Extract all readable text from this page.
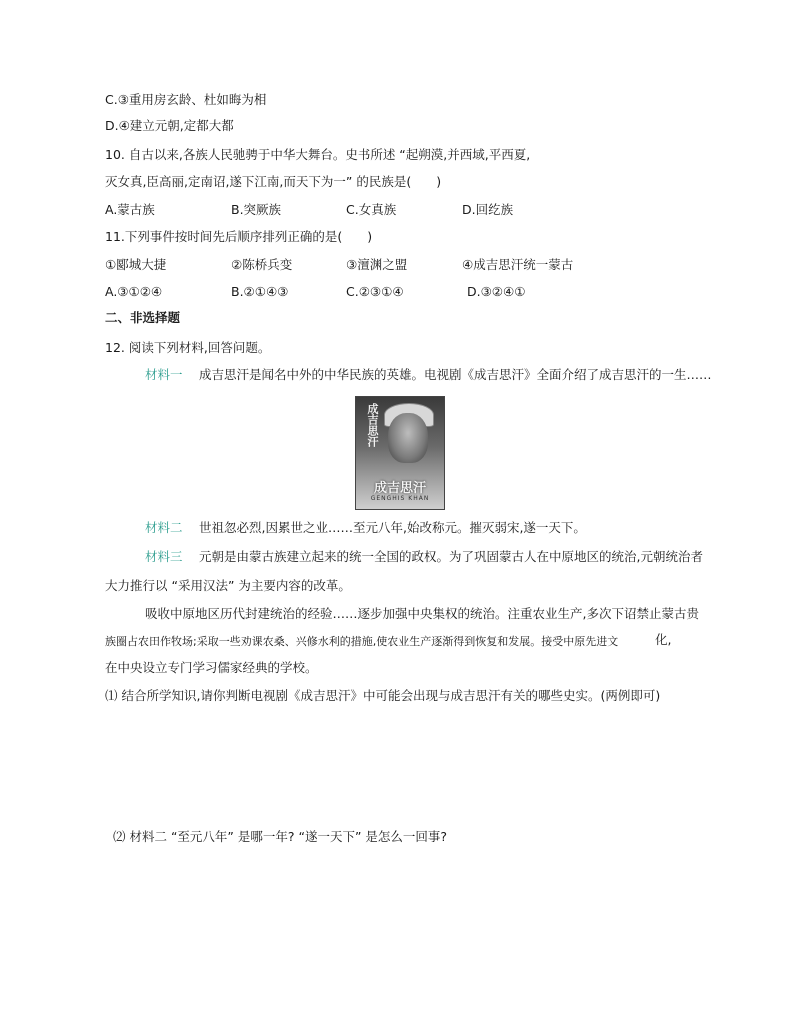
C.③重用房玄龄、杜如晦为相
D.④建立元朝,定都大都
10. 自古以来,各族人民驰骋于中华大舞台。史书所述 “起朔漠,并西域,平西夏,
灭女真,臣高丽,定南诏,遂下江南,而天下为一” 的民族是(　　)
A.蒙古族	B.突厥族	C.女真族	D.回纥族
11.下列事件按时间先后顺序排列正确的是(　　)
①郾城大捷	②陈桥兵变	③澶渊之盟	④成吉思汗统一蒙古
A.③①②④	B.②①④③	C.②③①④	D.③②④①
二、非选择题
12. 阅读下列材料,回答问题。
材料一　 成吉思汗是闻名中外的中华民族的英雄。电视剧《成吉思汗》全面介绍了成吉思汗的一生……
成吉思汗
成吉思汗
GENGHIS KHAN
材料二　 世祖忽必烈,因累世之业……至元八年,始改称元。摧灭弱宋,遂一天下。
材料三　 元朝是由蒙古族建立起来的统一全国的政权。为了巩固蒙古人在中原地区的统治,元朝统治者
大力推行以 “采用汉法” 为主要内容的改革。
吸收中原地区历代封建统治的经验……逐步加强中央集权的统治。注重农业生产,多次下诏禁止蒙古贵
族圈占农田作牧场;采取一些劝课农桑、兴修水利的措施,使农业生产逐渐得到恢复和发展。接受中原先进文	化,
在中央设立专门学习儒家经典的学校。
⑴ 结合所学知识,请你判断电视剧《成吉思汗》中可能会出现与成吉思汗有关的哪些史实。(两例即可)
⑵ 材料二 “至元八年” 是哪一年? “遂一天下” 是怎么一回事?
